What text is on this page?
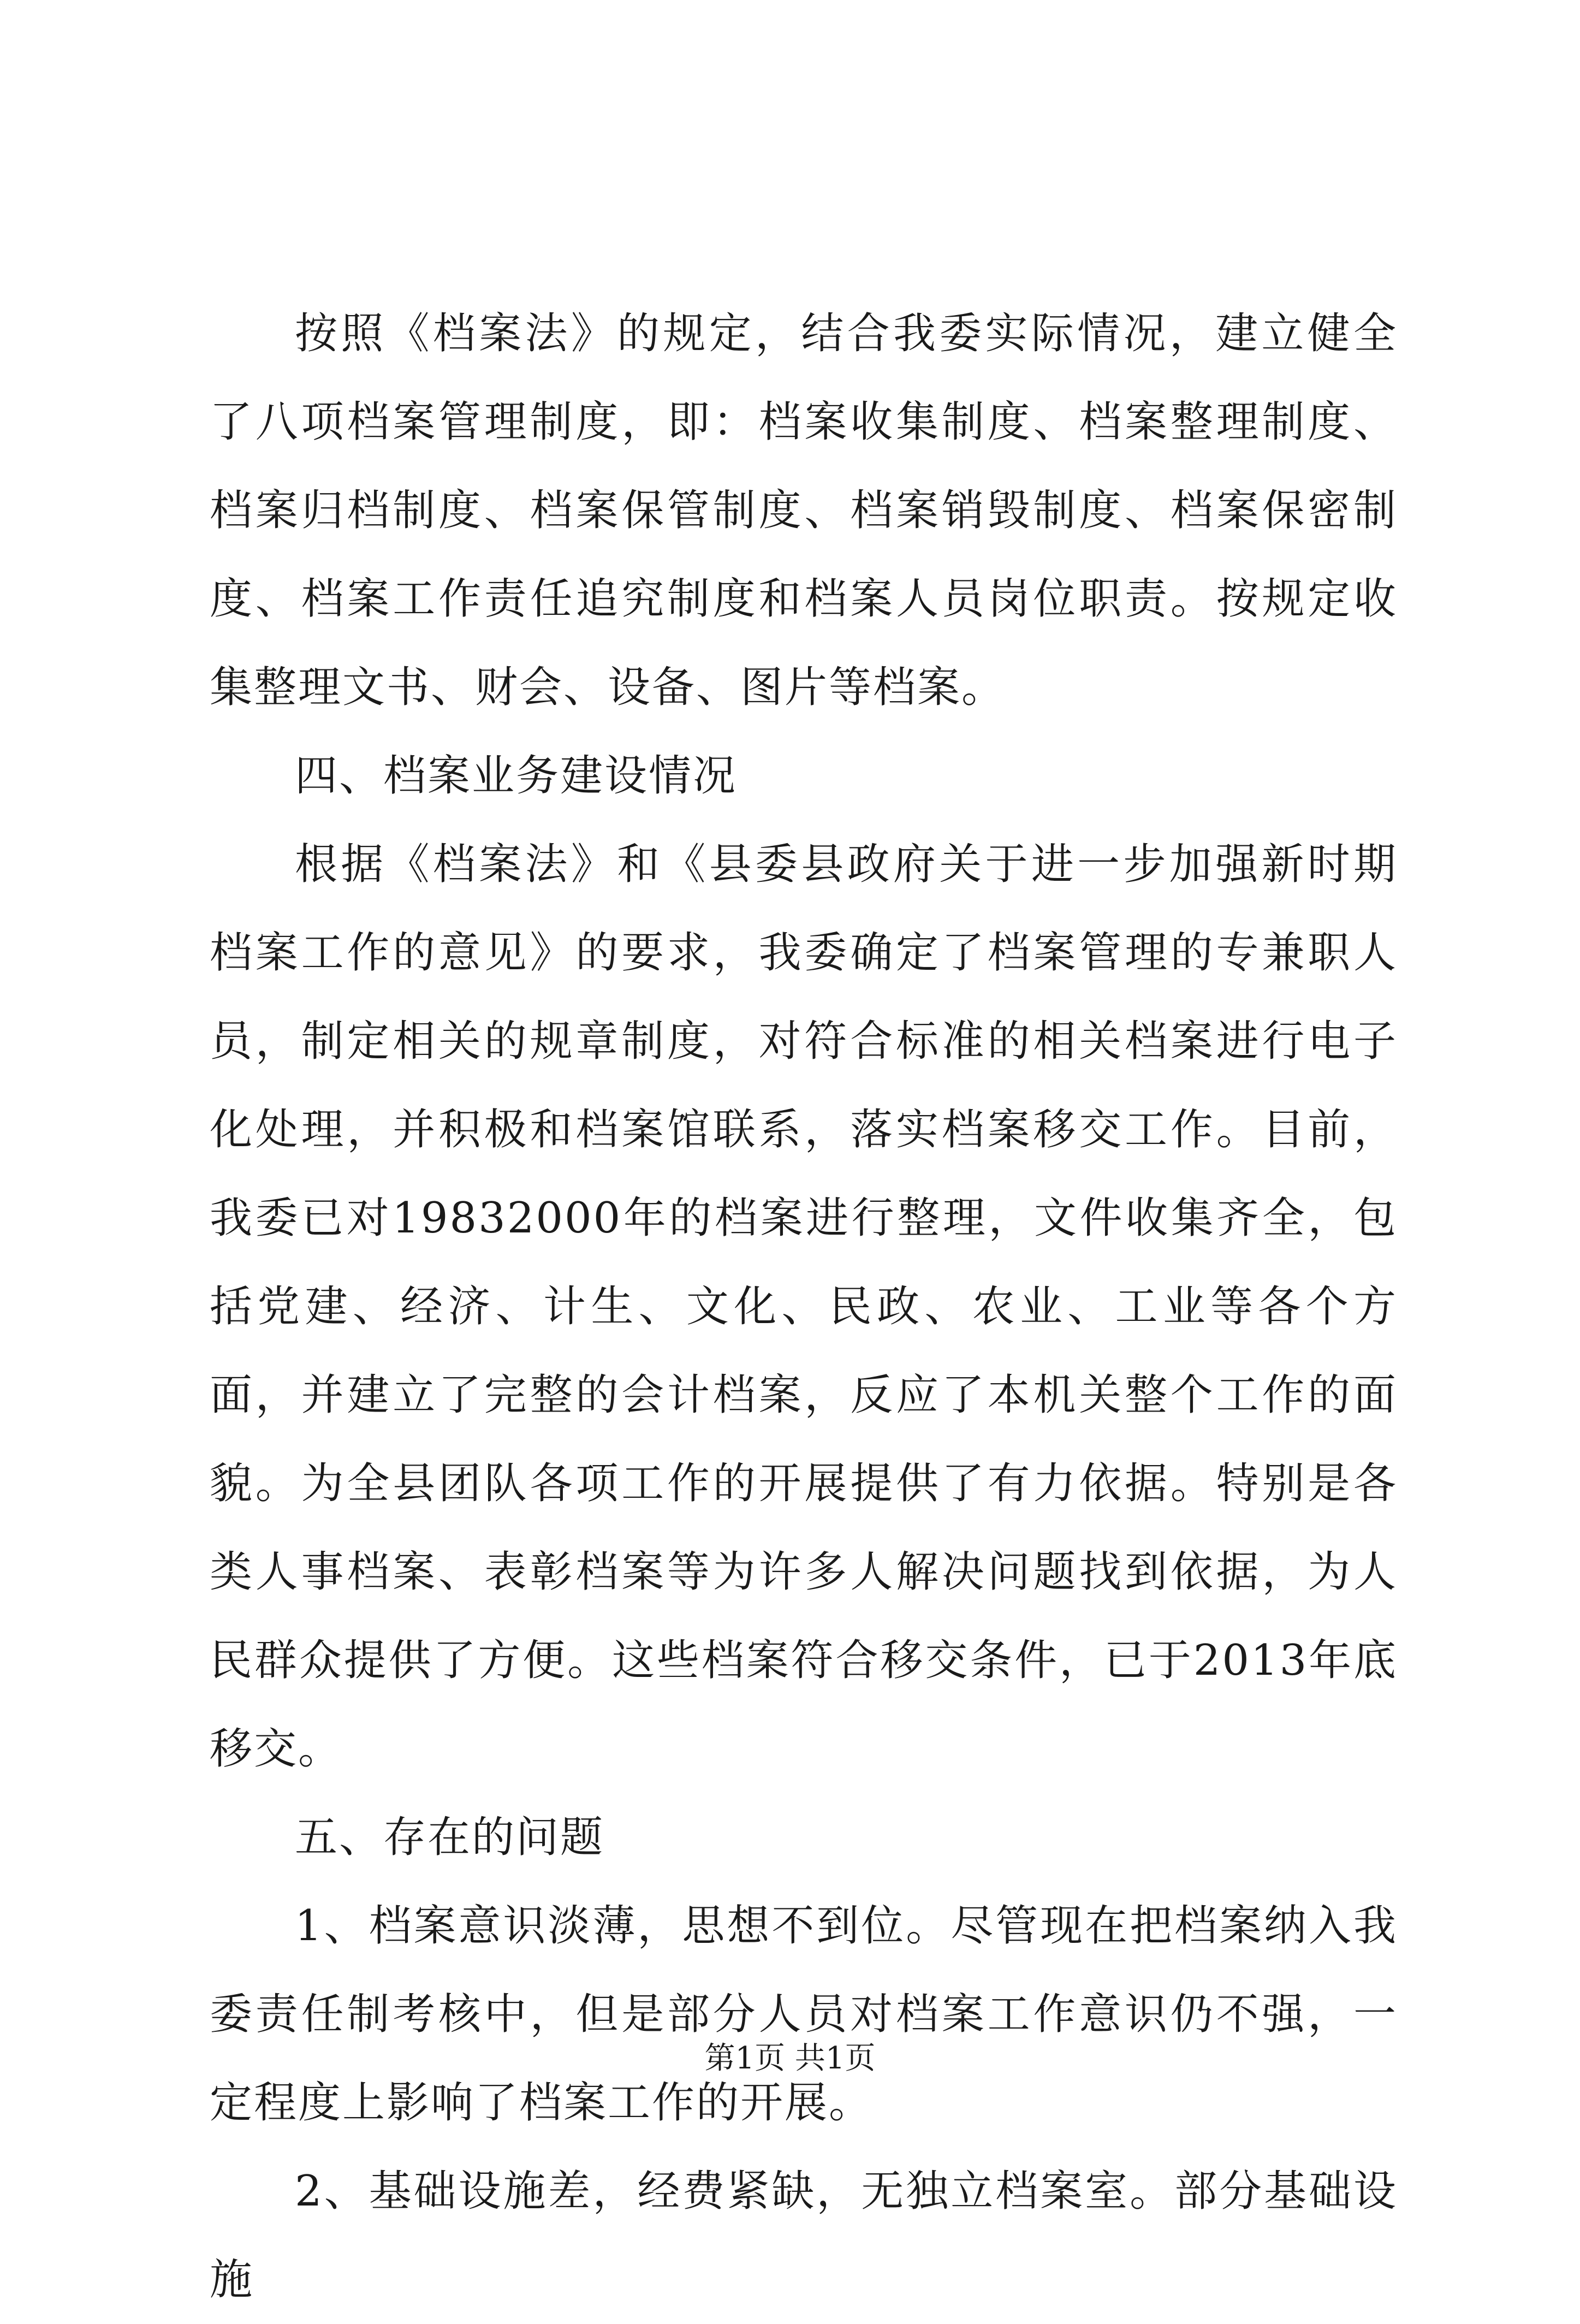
按照《档案法》的规定，结合我委实际情况，建立健全了八项档案管理制度，即：档案收集制度、档案整理制度、档案归档制度、档案保管制度、档案销毁制度、档案保密制度、档案工作责任追究制度和档案人员岗位职责。按规定收集整理文书、财会、设备、图片等档案。

四、档案业务建设情况

根据《档案法》和《县委县政府关于进一步加强新时期档案工作的意见》的要求，我委确定了档案管理的专兼职人员，制定相关的规章制度，对符合标准的相关档案进行电子化处理，并积极和档案馆联系，落实档案移交工作。目前，我委已对19832000年的档案进行整理，文件收集齐全，包括党建、经济、计生、文化、民政、农业、工业等各个方面，并建立了完整的会计档案，反应了本机关整个工作的面貌。为全县团队各项工作的开展提供了有力依据。特别是各类人事档案、表彰档案等为许多人解决问题找到依据，为人民群众提供了方便。这些档案符合移交条件，已于2013年底移交。

五、存在的问题

1、档案意识淡薄，思想不到位。尽管现在把档案纳入我委责任制考核中，但是部分人员对档案工作意识仍不强，一定程度上影响了档案工作的开展。

2、基础设施差，经费紧缺，无独立档案室。部分基础设施

第1页 共1页
